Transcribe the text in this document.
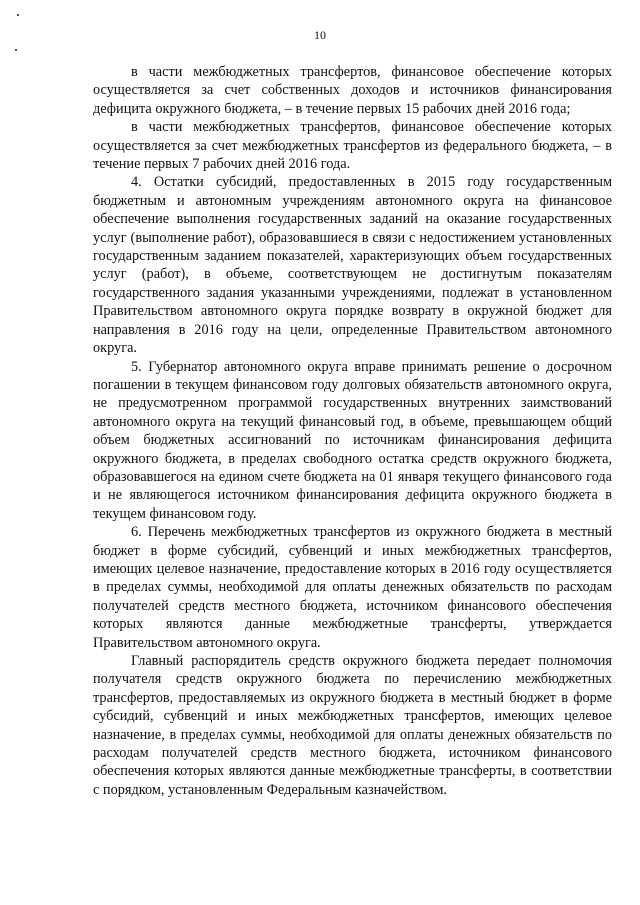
10

в части межбюджетных трансфертов, финансовое обеспечение которых осуществляется за счет собственных доходов и источников финансирования дефицита окружного бюджета, – в течение первых 15 рабочих дней 2016 года;

в части межбюджетных трансфертов, финансовое обеспечение которых осуществляется за счет межбюджетных трансфертов из федерального бюджета, – в течение первых 7 рабочих дней 2016 года.

4. Остатки субсидий, предоставленных в 2015 году государственным бюджетным и автономным учреждениям автономного округа на финансовое обеспечение выполнения государственных заданий на оказание государственных услуг (выполнение работ), образовавшиеся в связи с недостижением установленных государственным заданием показателей, характеризующих объем государственных услуг (работ), в объеме, соответствующем не достигнутым показателям государственного задания указанными учреждениями, подлежат в установленном Правительством автономного округа порядке возврату в окружной бюджет для направления в 2016 году на цели, определенные Правительством автономного округа.

5. Губернатор автономного округа вправе принимать решение о досрочном погашении в текущем финансовом году долговых обязательств автономного округа, не предусмотренном программой государственных внутренних заимствований автономного округа на текущий финансовый год, в объеме, превышающем общий объем бюджетных ассигнований по источникам финансирования дефицита окружного бюджета, в пределах свободного остатка средств окружного бюджета, образовавшегося на едином счете бюджета на 01 января текущего финансового года и не являющегося источником финансирования дефицита окружного бюджета в текущем финансовом году.

6. Перечень межбюджетных трансфертов из окружного бюджета в местный бюджет в форме субсидий, субвенций и иных межбюджетных трансфертов, имеющих целевое назначение, предоставление которых в 2016 году осуществляется в пределах суммы, необходимой для оплаты денежных обязательств по расходам получателей средств местного бюджета, источником финансового обеспечения которых являются данные межбюджетные трансферты, утверждается Правительством автономного округа.

Главный распорядитель средств окружного бюджета передает полномочия получателя средств окружного бюджета по перечислению межбюджетных трансфертов, предоставляемых из окружного бюджета в местный бюджет в форме субсидий, субвенций и иных межбюджетных трансфертов, имеющих целевое назначение, в пределах суммы, необходимой для оплаты денежных обязательств по расходам получателей средств местного бюджета, источником финансового обеспечения которых являются данные межбюджетные трансферты, в соответствии с порядком, установленным Федеральным казначейством.
